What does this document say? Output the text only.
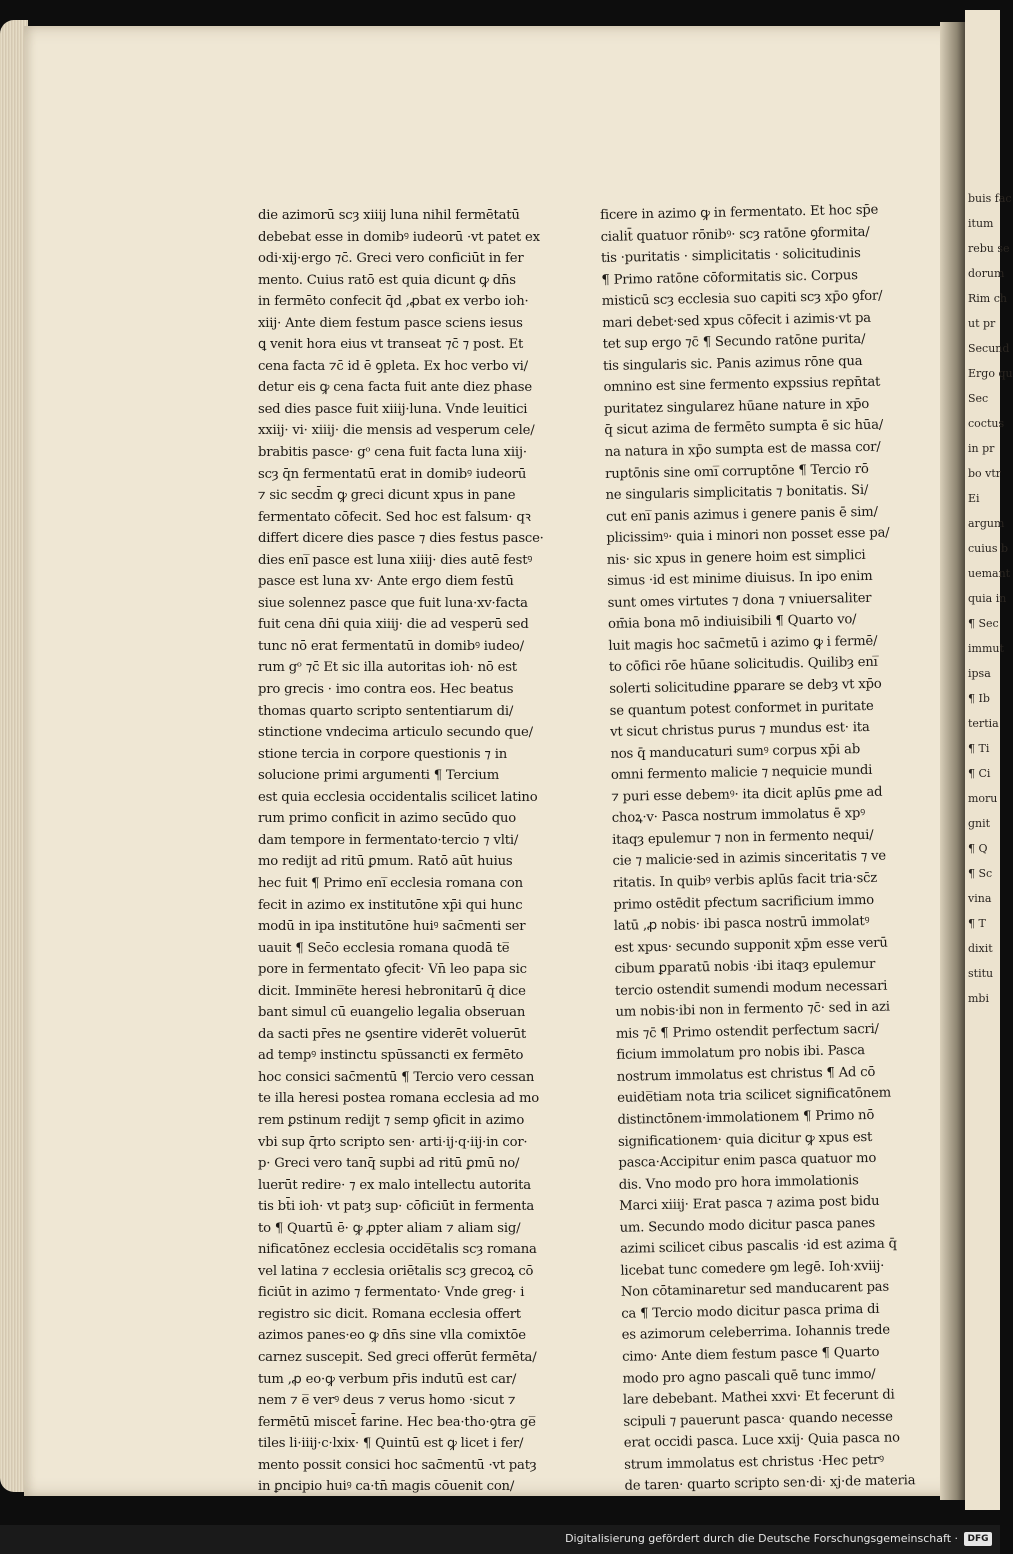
buis fac
itum
rebu se
dorum
Rim ch
ut pr
Secund
Ergo qu
Sec
coctus
in pr
bo vtr
Ei
argum
cuius b
uemant
quia in
¶ Sec
immut
ipsa
¶ Ib
tertia
¶ Ti
¶ Ci
moru
gnit
¶ Q
¶ Sc
vina
¶ T
dixit
stitu
mbi
die azimorū scȝ xiiij luna nihil fermētatū
debebat esse in domibꝰ iudeorū ·vt patet ex
odi·xij·ergo ⁊c̄. Greci vero conficiūt in fer
mento. Cuius ratō est quia dicunt ꝙ dn̄s
in fermēto confecit q̄d ,ꝓbat ex verbo ioh·
xiij· Ante diem festum pasce sciens iesus
ꝗ venit hora eius vt transeat ⁊c̄ ⁊ post. Et
cena facta ⁊c̄ id ē ꝯpleta. Ex hoc verbo vi/
detur eis ꝙ cena facta fuit ante diez phase
sed dies pasce fuit xiiij·luna. Vnde leuitici
xxiij· vi· xiiij· die mensis ad vesperum cele/
brabitis pasce· gᵒ cena fuit facta luna xiij·
scȝ q̄n fermentatū erat in domibꝰ iudeorū
⁊ sic secd̄m ꝙ greci dicunt xpus in pane
fermentato cōfecit. Sed hoc est falsum· qꝛ
differt dicere dies pasce ⁊ dies festus pasce·
dies eni̅ pasce est luna xiiij· dies autē festꝰ
pasce est luna xv· Ante ergo diem festū
siue solennez pasce que fuit luna·xv·facta
fuit cena dn̄i quia xiiij· die ad vesperū sed
tunc nō erat fermentatū in domibꝰ iudeo/
rum gᵒ ⁊c̄ Et sic illa autoritas ioh· nō est
pro grecis · imo contra eos. Hec beatus
thomas quarto scripto sententiarum di/
stinctione vndecima articulo secundo que/
stione tercia in corpore questionis ⁊ in
solucione primi argumenti ¶ Tercium
est quia ecclesia occidentalis scilicet latino
rum primo conficit in azimo secūdo quo
dam tempore in fermentato·tercio ⁊ vlti/
mo redijt ad ritū ꝑmum. Ratō aūt huius
hec fuit ¶ Primo eni̅ ecclesia romana con
fecit in azimo ex institutōne xp̄i qui hunc
modū in ipa institutōne huiꝰ sac̄menti ser
uauit ¶ Sec̄o ecclesia romana quodā te̅
pore in fermentato ꝯfecit· Vn̄ leo papa sic
dicit. Immine̅te heresi hebronitarū q̄ dice
bant simul cū euangelio legalia obseruan
da sacti pr̄es ne ꝯsentire viderēt voluerūt
ad tempꝰ instinctu spūssancti ex fermēto
hoc consici sac̄mentū ¶ Tercio vero cessan
te illa heresi postea romana ecclesia ad mo
rem ꝑstinum redijt ⁊ semp ꝯficit in azimo
vbi sup q̄rto scripto sen· arti·ij·q·iij·in cor·
p· Greci vero tanq̄ supbi ad ritū ꝑmū no/
luerūt redire· ⁊ ex malo intellectu autorita
tis bt̄i ioh· vt patȝ sup· cōficiūt in fermenta
to ¶ Quartū ē· ꝙ ꝓpter aliam ⁊ aliam sig/
nificatōnez ecclesia occide̅talis scȝ romana
vel latina ⁊ ecclesia oriētalis scȝ grecoꝝ cō
ficiūt in azimo ⁊ fermentato· Vnde greg· i
registro sic dicit. Romana ecclesia offert
azimos panes·eo ꝙ dn̄s sine vlla comixtōe
carnez suscepit. Sed greci offerūt fermēta/
tum ,ꝓ eo·ꝙ verbum pr̄is indutū est car/
nem ⁊ e̅ verꝰ deus ⁊ verus homo ·sicut ⁊
fermētū miscet̄ farine. Hec bea·tho·ꝯtra ge̅
tiles li·iiij·c·lxix· ¶ Quintū est ꝙ licet i fer/
mento possit consici hoc sac̄mentū ·vt patȝ
in ꝑncipio huiꝰ ca·tn̄ magis cōuenit con/
ficere in azimo ꝙ in fermentato. Et hoc sp̄e
cialit̄ quatuor rōnibꝰ· scȝ ratōne ꝯformita/
tis ·puritatis · simplicitatis · solicitudinis
¶ Primo ratōne cōformitatis sic. Corpus
misticū scȝ ecclesia suo capiti scȝ xp̄o ꝯfor/
mari debet·sed xpus cōfecit i azimis·vt pa
tet sup ergo ⁊c̄ ¶ Secundo ratōne purita/
tis singularis sic. Panis azimus rōne qua
omnino est sine fermento expssius repn̄tat
puritatez singularez hūane nature in xp̄o
q̄ sicut azima de fermēto sumpta ē sic hūa/
na natura in xp̄o sumpta est de massa cor/
ruptōnis sine omi̅ corruptōne ¶ Tercio rō
ne singularis simplicitatis ⁊ bonitatis. Si/
cut eni̅ panis azimus i genere panis ē sim/
plicissimꝰ· quia i minori non posset esse pa/
nis· sic xpus in genere hoim est simplici
simus ·id est minime diuisus. In ipo enim
sunt omes virtutes ⁊ dona ⁊ vniuersaliter
om̄ia bona mō indiuisibili ¶ Quarto vo/
luit magis hoc sac̄metū i azimo ꝙ i fermē/
to cōfici rōe hūane solicitudis. Quilibȝ eni̅
solerti solicitudine ꝑparare se debȝ vt xp̄o
se quantum potest conformet in puritate
vt sicut christus purus ⁊ mundus est· ita
nos q̄ manducaturi sumꝰ corpus xp̄i ab
omni fermento malicie ⁊ nequicie mundi
⁊ puri esse debemꝰ· ita dicit aplūs ꝑme ad
choꝝ·v· Pasca nostrum immolatus ē xpꝰ
itaqȝ epulemur ⁊ non in fermento nequi/
cie ⁊ malicie·sed in azimis sinceritatis ⁊ ve
ritatis. In quibꝰ verbis aplūs facit tria·sc̄z
primo ostēdit pfectum sacrificium immo
latū ,ꝓ nobis· ibi pasca nostrū immolatꝰ
est xpus· secundo supponit xp̄m esse verū
cibum ꝑparatū nobis ·ibi itaqȝ epulemur
tercio ostendit sumendi modum necessari
um nobis·ibi non in fermento ⁊c̄· sed in azi
mis ⁊c̄ ¶ Primo ostendit perfectum sacri/
ficium immolatum pro nobis ibi. Pasca
nostrum immolatus est christus ¶ Ad cō
euide̅tiam nota tria scilicet significatōnem
distinctōnem·immolationem ¶ Primo nō
significationem· quia dicitur ꝙ xpus est
pasca·Accipitur enim pasca quatuor mo
dis. Vno modo pro hora immolationis
Marci xiiij· Erat pasca ⁊ azima post bidu
um. Secundo modo dicitur pasca panes
azimi scilicet cibus pascalis ·id est azima q̄
licebat tunc comedere ꝯm legē. Ioh·xviij·
Non cōtaminaretur sed manducarent pas
ca ¶ Tercio modo dicitur pasca prima di
es azimorum celeberrima. Iohannis trede
cimo· Ante diem festum pasce ¶ Quarto
modo pro agno pascali quē tunc immo/
lare debebant. Mathei xxvi· Et fecerunt di
scipuli ⁊ pauerunt pasca· quando necesse
erat occidi pasca. Luce xxij· Quia pasca no
strum immolatus est christus ·Hec petrꝰ
de taren· quarto scripto sen·di· xj·de materia
Digitalisierung gefördert durch die Deutsche Forschungsgemeinschaft ·	DFG
